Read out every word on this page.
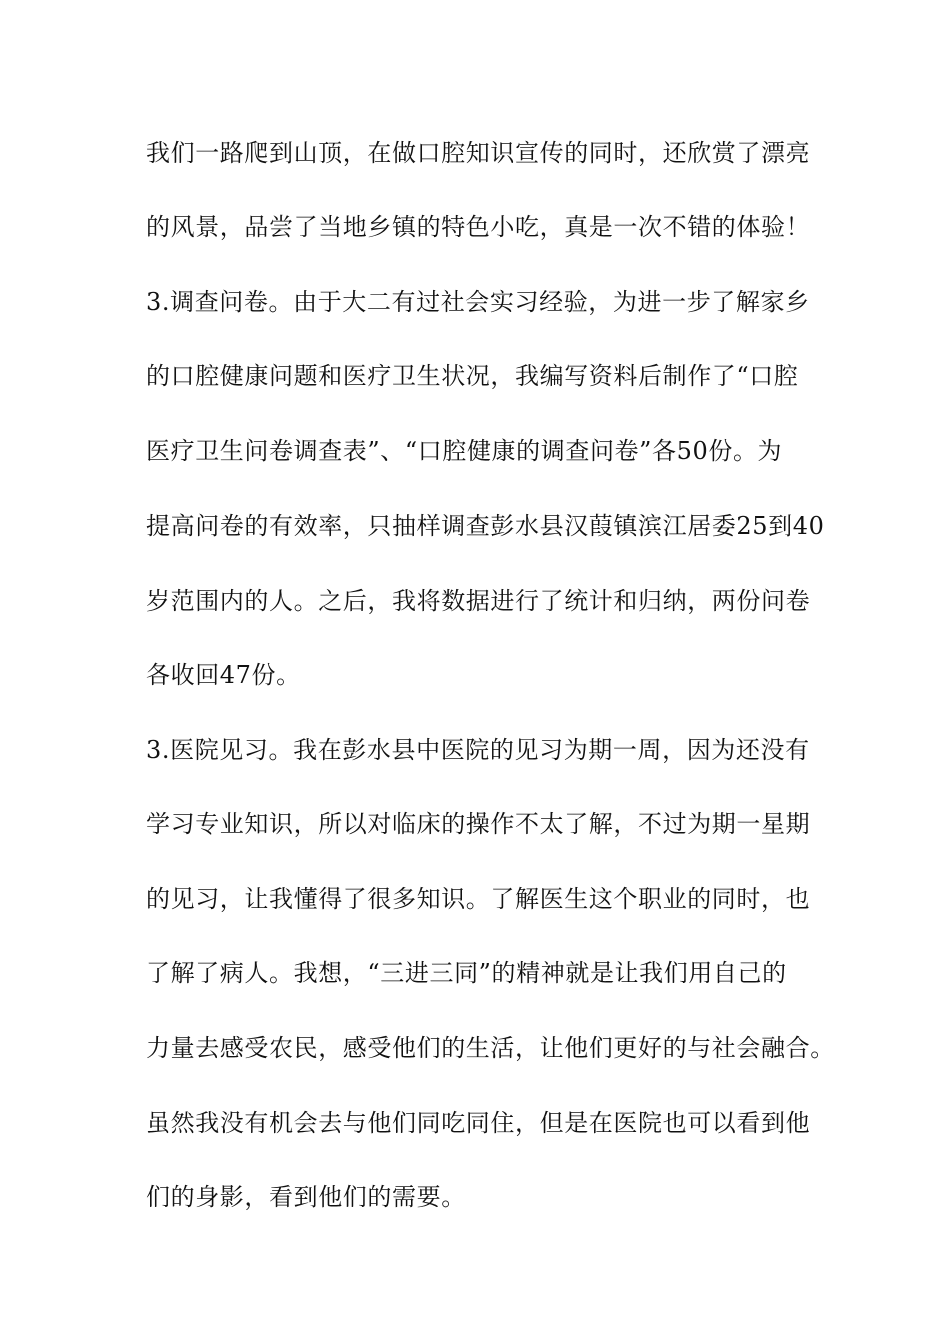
我们一路爬到山顶，在做口腔知识宣传的同时，还欣赏了漂亮
的风景，品尝了当地乡镇的特色小吃，真是一次不错的体验！
3.调查问卷。由于大二有过社会实习经验，为进一步了解家乡
的口腔健康问题和医疗卫生状况，我编写资料后制作了“口腔
医疗卫生问卷调查表”、“口腔健康的调查问卷”各50份。为
提高问卷的有效率，只抽样调查彭水县汉葭镇滨江居委25到40
岁范围内的人。之后，我将数据进行了统计和归纳，两份问卷
各收回47份。
3.医院见习。我在彭水县中医院的见习为期一周，因为还没有
学习专业知识，所以对临床的操作不太了解，不过为期一星期
的见习，让我懂得了很多知识。了解医生这个职业的同时，也
了解了病人。我想，“三进三同”的精神就是让我们用自己的
力量去感受农民，感受他们的生活，让他们更好的与社会融合。
虽然我没有机会去与他们同吃同住，但是在医院也可以看到他
们的身影，看到他们的需要。
